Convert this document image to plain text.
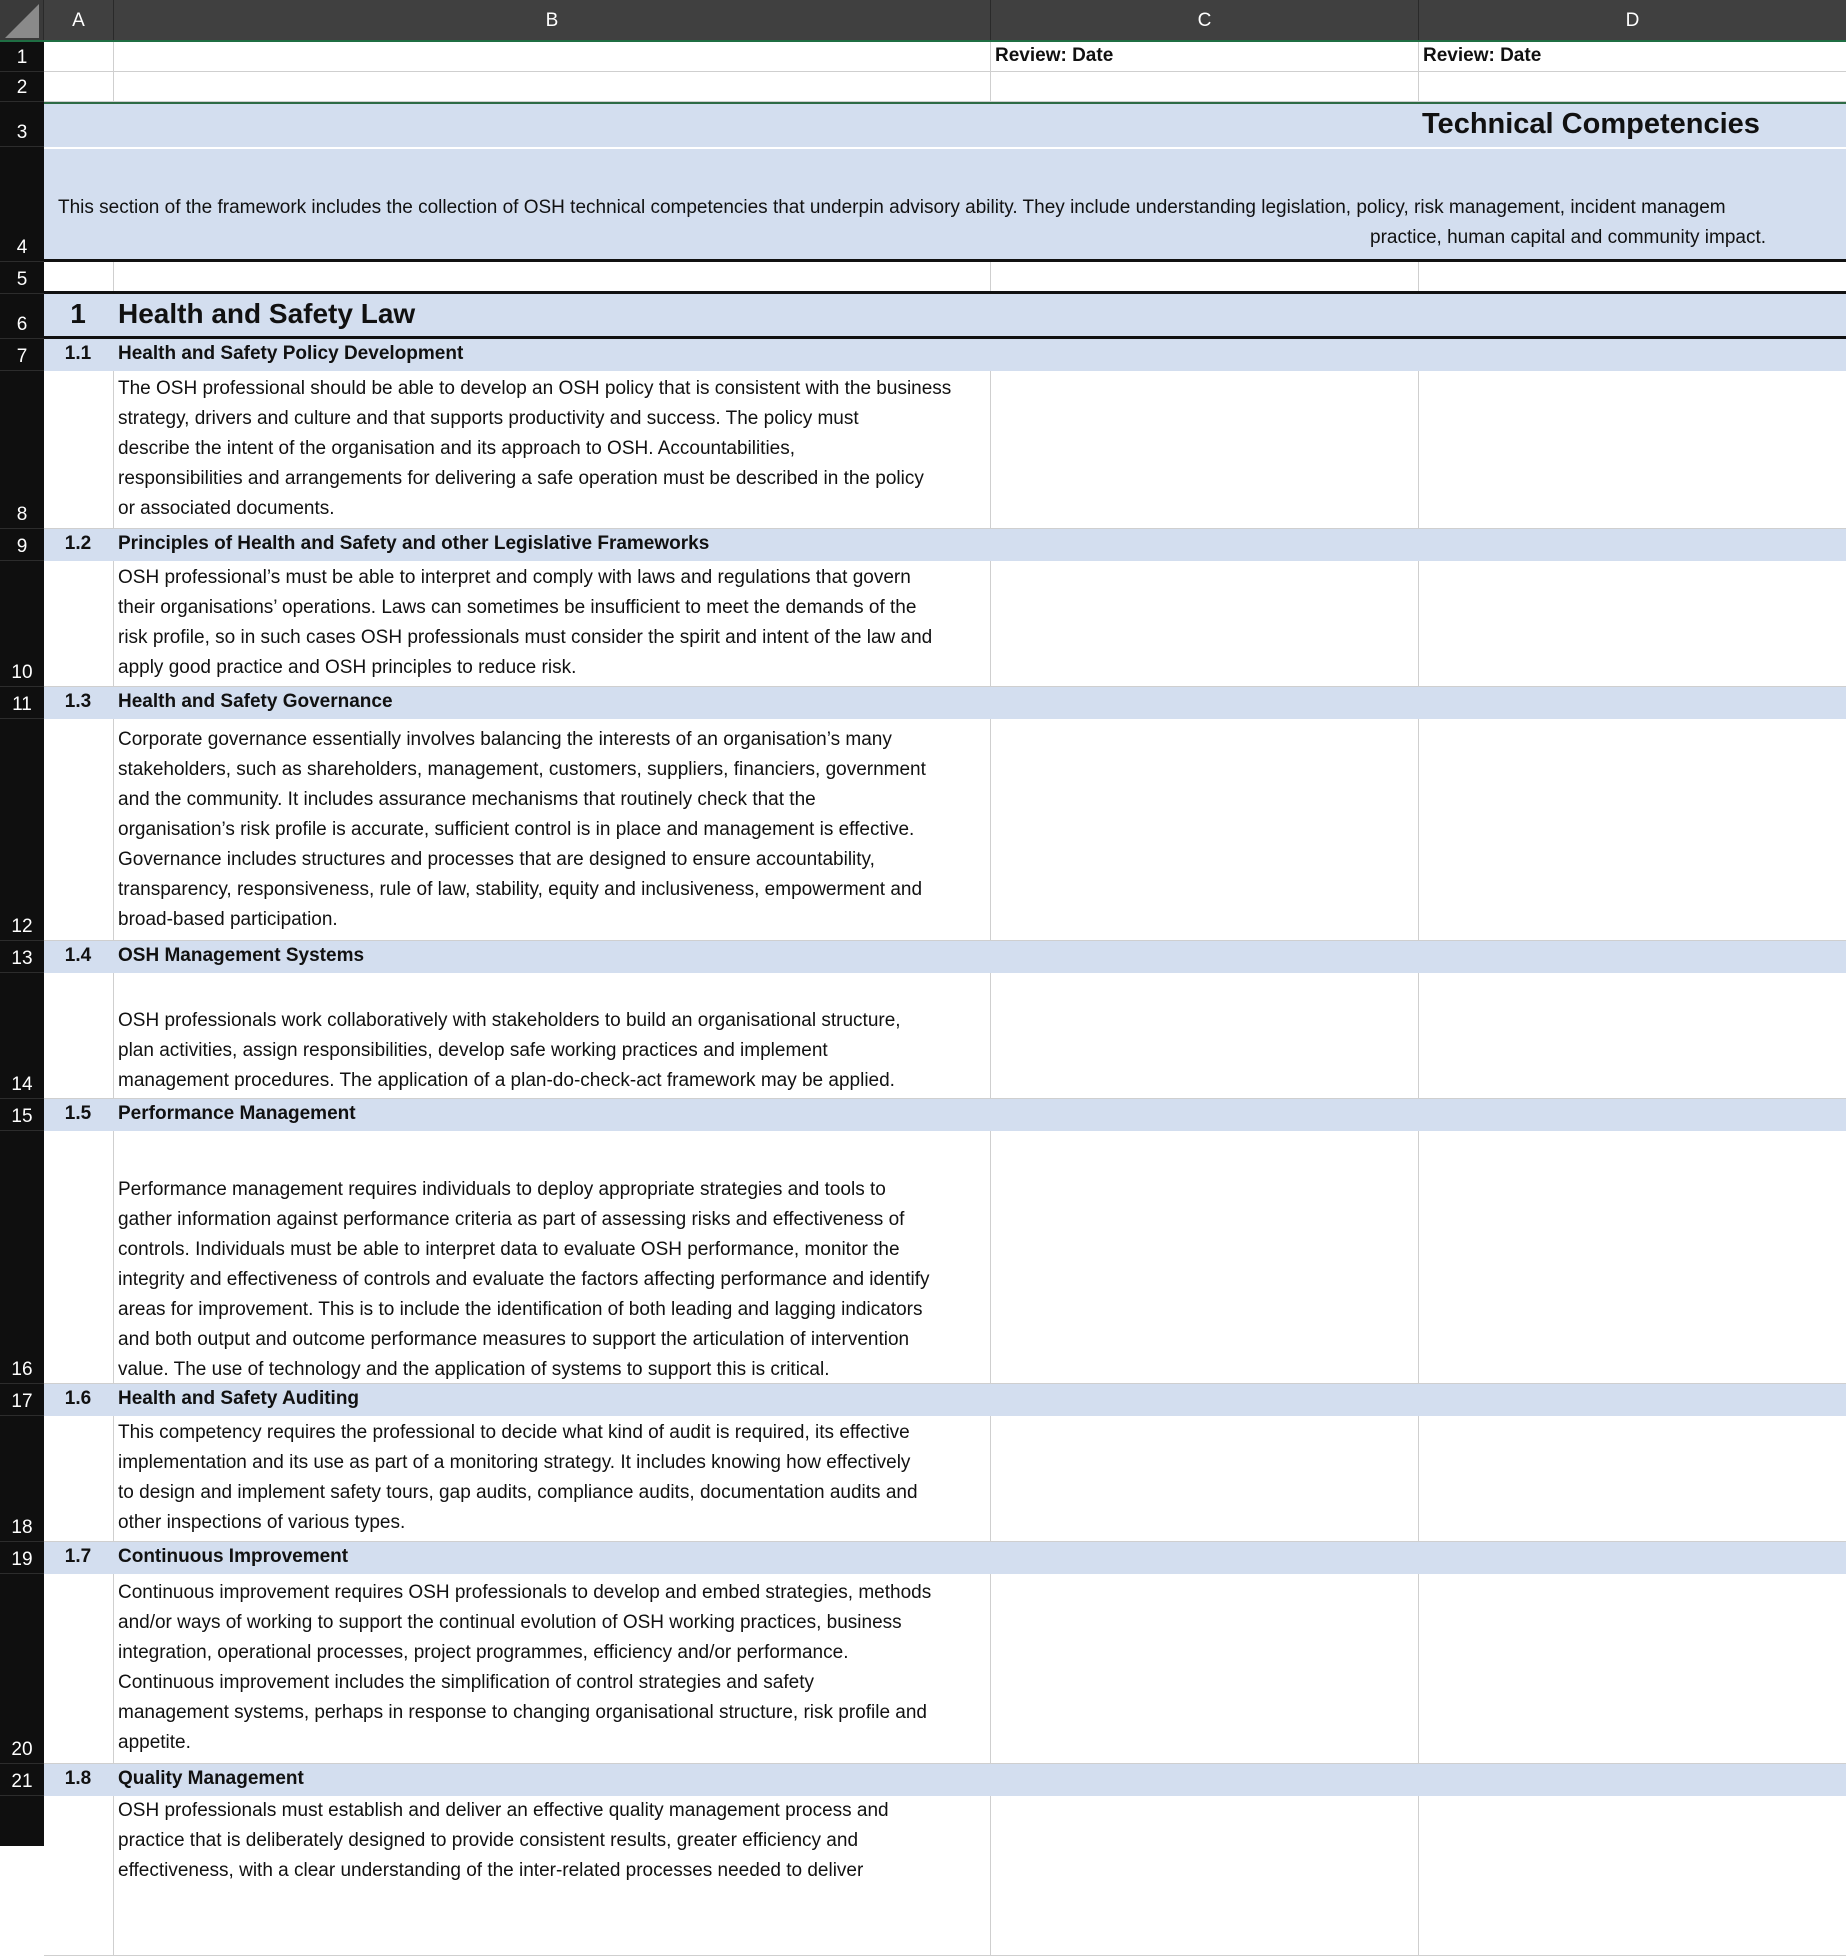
A	B	C	D
1
2
3
4
5
6
7
8
9
10
11
12
13
14
15
16
17
18
19
20
21
Review: Date	Review: Date
Technical Competencies
This section of the framework includes the collection of OSH technical competencies that underpin advisory ability. They include understanding legislation, policy, risk management, incident managem
practice, human capital and community impact.
1	Health and Safety Law
1.1	Health and Safety Policy Development
The OSH professional should be able to develop an OSH policy that is consistent with the business
strategy, drivers and culture and that supports productivity and success. The policy must
describe the intent of the organisation and its approach to OSH. Accountabilities,
responsibilities and arrangements for delivering a safe operation must be described in the policy
or associated documents.
1.2	Principles of Health and Safety and other Legislative Frameworks
OSH professional’s must be able to interpret and comply with laws and regulations that govern
their organisations’ operations. Laws can sometimes be insufficient to meet the demands of the
risk profile, so in such cases OSH professionals must consider the spirit and intent of the law and
apply good practice and OSH principles to reduce risk.
1.3	Health and Safety Governance
Corporate governance essentially involves balancing the interests of an organisation’s many
stakeholders, such as shareholders, management, customers, suppliers, financiers, government
and the community. It includes assurance mechanisms that routinely check that the
organisation’s risk profile is accurate, sufficient control is in place and management is effective.
Governance includes structures and processes that are designed to ensure accountability,
transparency, responsiveness, rule of law, stability, equity and inclusiveness, empowerment and
broad-based participation.
1.4	OSH Management Systems
OSH professionals work collaboratively with stakeholders to build an organisational structure,
plan activities, assign responsibilities, develop safe working practices and implement
management procedures. The application of a plan-do-check-act framework may be applied.
1.5	Performance Management
Performance management requires individuals to deploy appropriate strategies and tools to
gather information against performance criteria as part of assessing risks and effectiveness of
controls. Individuals must be able to interpret data to evaluate OSH performance, monitor the
integrity and effectiveness of controls and evaluate the factors affecting performance and identify
areas for improvement. This is to include the identification of both leading and lagging indicators
and both output and outcome performance measures to support the articulation of intervention
value. The use of technology and the application of systems to support this is critical.
1.6	Health and Safety Auditing
This competency requires the professional to decide what kind of audit is required, its effective
implementation and its use as part of a monitoring strategy. It includes knowing how effectively
to design and implement safety tours, gap audits, compliance audits, documentation audits and
other inspections of various types.
1.7	Continuous Improvement
Continuous improvement requires OSH professionals to develop and embed strategies, methods
and/or ways of working to support the continual evolution of OSH working practices, business
integration, operational processes, project programmes, efficiency and/or performance.
Continuous improvement includes the simplification of control strategies and safety
management systems, perhaps in response to changing organisational structure, risk profile and
appetite.
1.8	Quality Management
OSH professionals must establish and deliver an effective quality management process and
practice that is deliberately designed to provide consistent results, greater efficiency and
effectiveness, with a clear understanding of the inter-related processes needed to deliver
